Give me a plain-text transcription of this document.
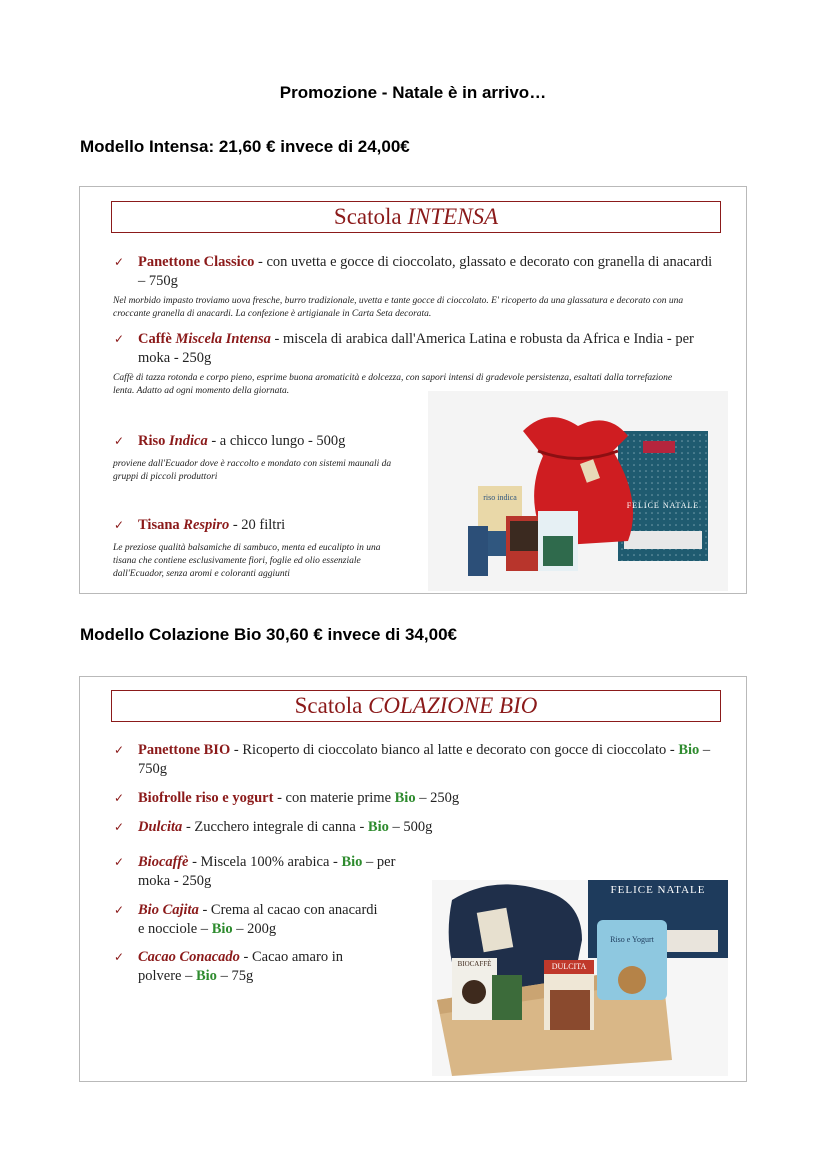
Promozione - Natale è in arrivo…
Modello Intensa: 21,60 € invece di 24,00€
Scatola INTENSA
✓ Panettone Classico - con uvetta e gocce di cioccolato, glassato e decorato con granella di anacardi – 750g
Nel morbido impasto troviamo uova fresche, burro tradizionale, uvetta e tante gocce di cioccolato. E' ricoperto da una glassatura e decorato con una croccante granella di anacardi. La confezione è artigianale in Carta Seta decorata.
✓ Caffè Miscela Intensa - miscela di arabica dall'America Latina e robusta da Africa e India - per moka - 250g
Caffè di tazza rotonda e corpo pieno, esprime buona aromaticità e dolcezza, con sapori intensi di gradevole persistenza, esaltati dalla torrefazione lenta. Adatto ad ogni momento della giornata.
✓ Riso Indica - a chicco lungo - 500g
proviene dall'Ecuador dove è raccolto e mondato con sistemi maunali da gruppi di piccoli produttori
✓ Tisana Respiro - 20 filtri
Le preziose qualità balsamiche di sambuco, menta ed eucalipto in una tisana che contiene esclusivamente fiori, foglie ed olio essenziale dall'Ecuador, senza aromi e coloranti aggiunti
FELICE NATALE
riso indica
Modello Colazione Bio 30,60 € invece di 34,00€
Scatola COLAZIONE BIO
✓ Panettone BIO - Ricoperto di cioccolato bianco al latte e decorato con gocce di cioccolato - Bio – 750g
✓ Biofrolle riso e yogurt - con materie prime Bio – 250g
✓ Dulcita - Zucchero integrale di canna - Bio – 500g
✓ Biocaffè - Miscela 100% arabica - Bio – per moka - 250g
✓ Bio Cajita - Crema al cacao con anacardi e nocciole – Bio – 200g
✓ Cacao Conacado - Cacao amaro in polvere – Bio – 75g
FELICE NATALE
DULCITA
BIOCAFFÈ
Riso e Yogurt
